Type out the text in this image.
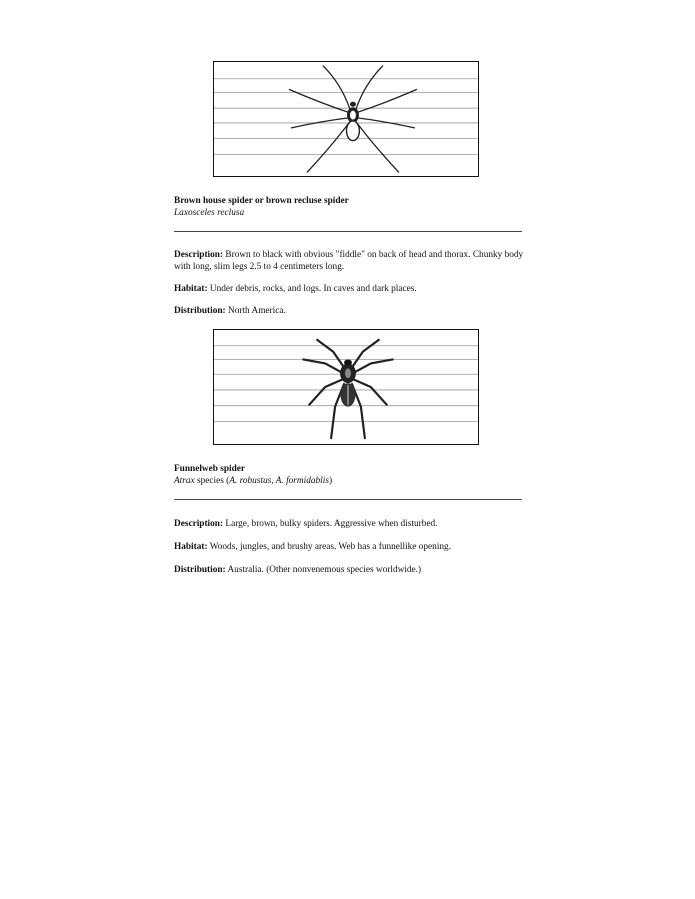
Brown house spider or brown recluse spider
Laxosceles reclusa
Description: Brown to black with obvious "fiddle" on back of head and thorax. Chunky body with long, slim legs 2.5 to 4 centimeters long.
Habitat: Under debris, rocks, and logs. In caves and dark places.
Distribution: North America.
Funnelweb spider
Atrax species (A. robustus, A. formidablis)
Description: Large, brown, bulky spiders. Aggressive when disturbed.
Habitat: Woods, jungles, and brushy areas. Web has a funnellike opening.
Distribution: Australia. (Other nonvenemous species worldwide.)
